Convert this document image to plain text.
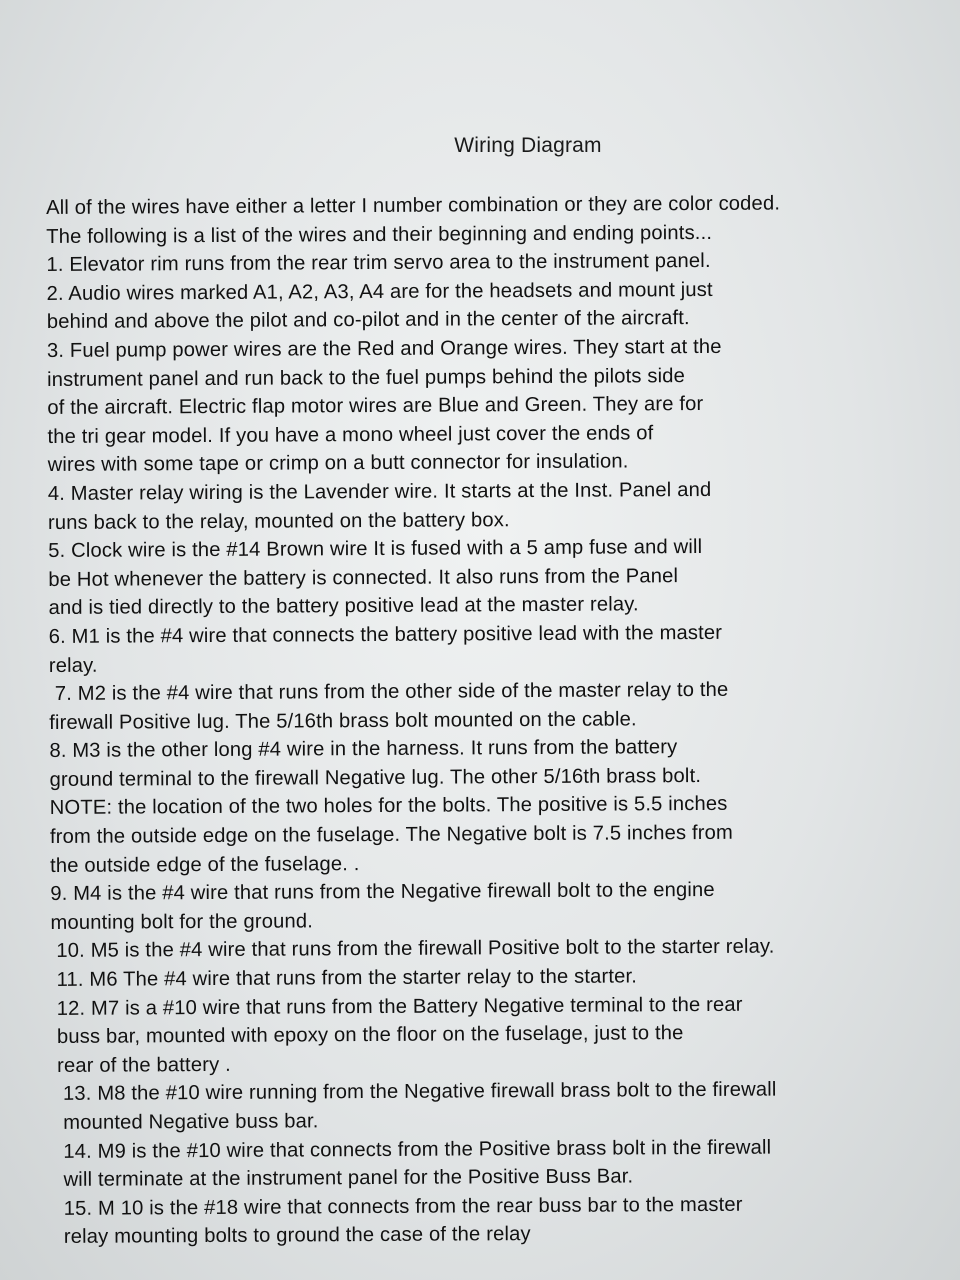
Wiring Diagram
All of the wires have either a letter I number combination or they are color coded.
The following is a list of the wires and their beginning and ending points...
1. Elevator rim runs from the rear trim servo area to the instrument panel.
2. Audio wires marked A1, A2, A3, A4 are for the headsets and mount just
behind and above the pilot and co-pilot and in the center of the aircraft.
3. Fuel pump power wires are the Red and Orange wires. They start at the
instrument panel and run back to the fuel pumps behind the pilots side
of the aircraft. Electric flap motor wires are Blue and Green. They are for
the tri gear model. If you have a mono wheel just cover the ends of
wires with some tape or crimp on a butt connector for insulation.
4. Master relay wiring is the Lavender wire. It starts at the Inst. Panel and
runs back to the relay, mounted on the battery box.
5. Clock wire is the #14 Brown wire It is fused with a 5 amp fuse and will
be Hot whenever the battery is connected. It also runs from the Panel
and is tied directly to the battery positive lead at the master relay.
6. M1 is the #4 wire that connects the battery positive lead with the master
relay.
7. M2 is the #4 wire that runs from the other side of the master relay to the
firewall Positive lug. The 5/16th brass bolt mounted on the cable.
8. M3 is the other long #4 wire in the harness. It runs from the battery
ground terminal to the firewall Negative lug. The other 5/16th brass bolt.
NOTE: the location of the two holes for the bolts. The positive is 5.5 inches
from the outside edge on the fuselage. The Negative bolt is 7.5 inches from
the outside edge of the fuselage. .
9. M4 is the #4 wire that runs from the Negative firewall bolt to the engine
mounting bolt for the ground.
10. M5 is the #4 wire that runs from the firewall Positive bolt to the starter relay.
11. M6 The #4 wire that runs from the starter relay to the starter.
12. M7 is a #10 wire that runs from the Battery Negative terminal to the rear
buss bar, mounted with epoxy on the floor on the fuselage, just to the
rear of the battery .
13. M8 the #10 wire running from the Negative firewall brass bolt to the firewall
mounted Negative buss bar.
14. M9 is the #10 wire that connects from the Positive brass bolt in the firewall
will terminate at the instrument panel for the Positive Buss Bar.
15. M 10 is the #18 wire that connects from the rear buss bar to the master
relay mounting bolts to ground the case of the relay
